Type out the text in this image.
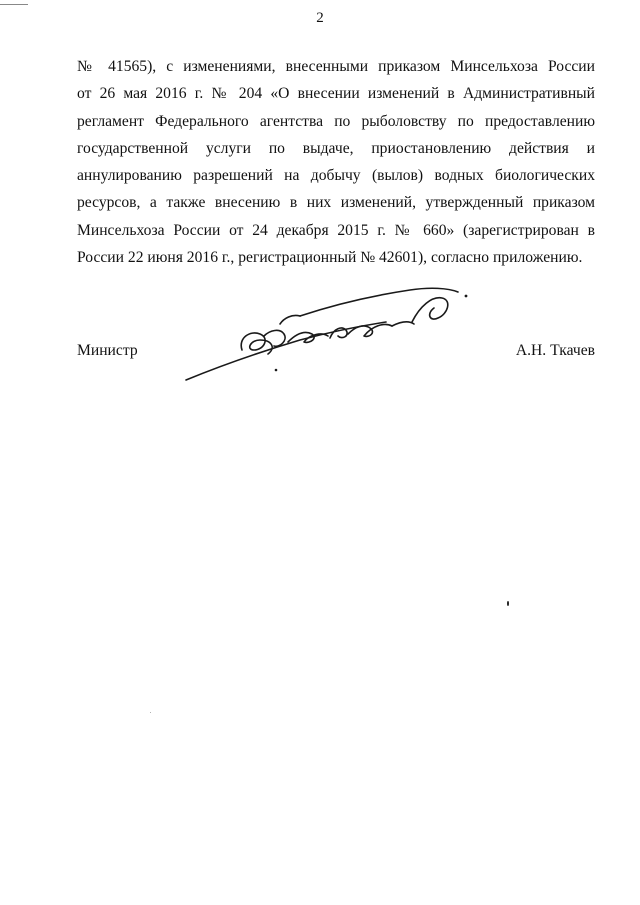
2
№ 41565), с изменениями, внесенными приказом Минсельхоза России
от 26 мая 2016 г. № 204 «О внесении изменений в Административный
регламент Федерального агентства по рыболовству по предоставлению
государственной услуги по выдаче, приостановлению действия и
аннулированию разрешений на добычу (вылов) водных биологических
ресурсов, а также внесению в них изменений, утвержденный приказом
Минсельхоза России от 24 декабря 2015 г. № 660» (зарегистрирован в
России 22 июня 2016 г., регистрационный № 42601), согласно приложению.
Министр	А.Н. Ткачев
